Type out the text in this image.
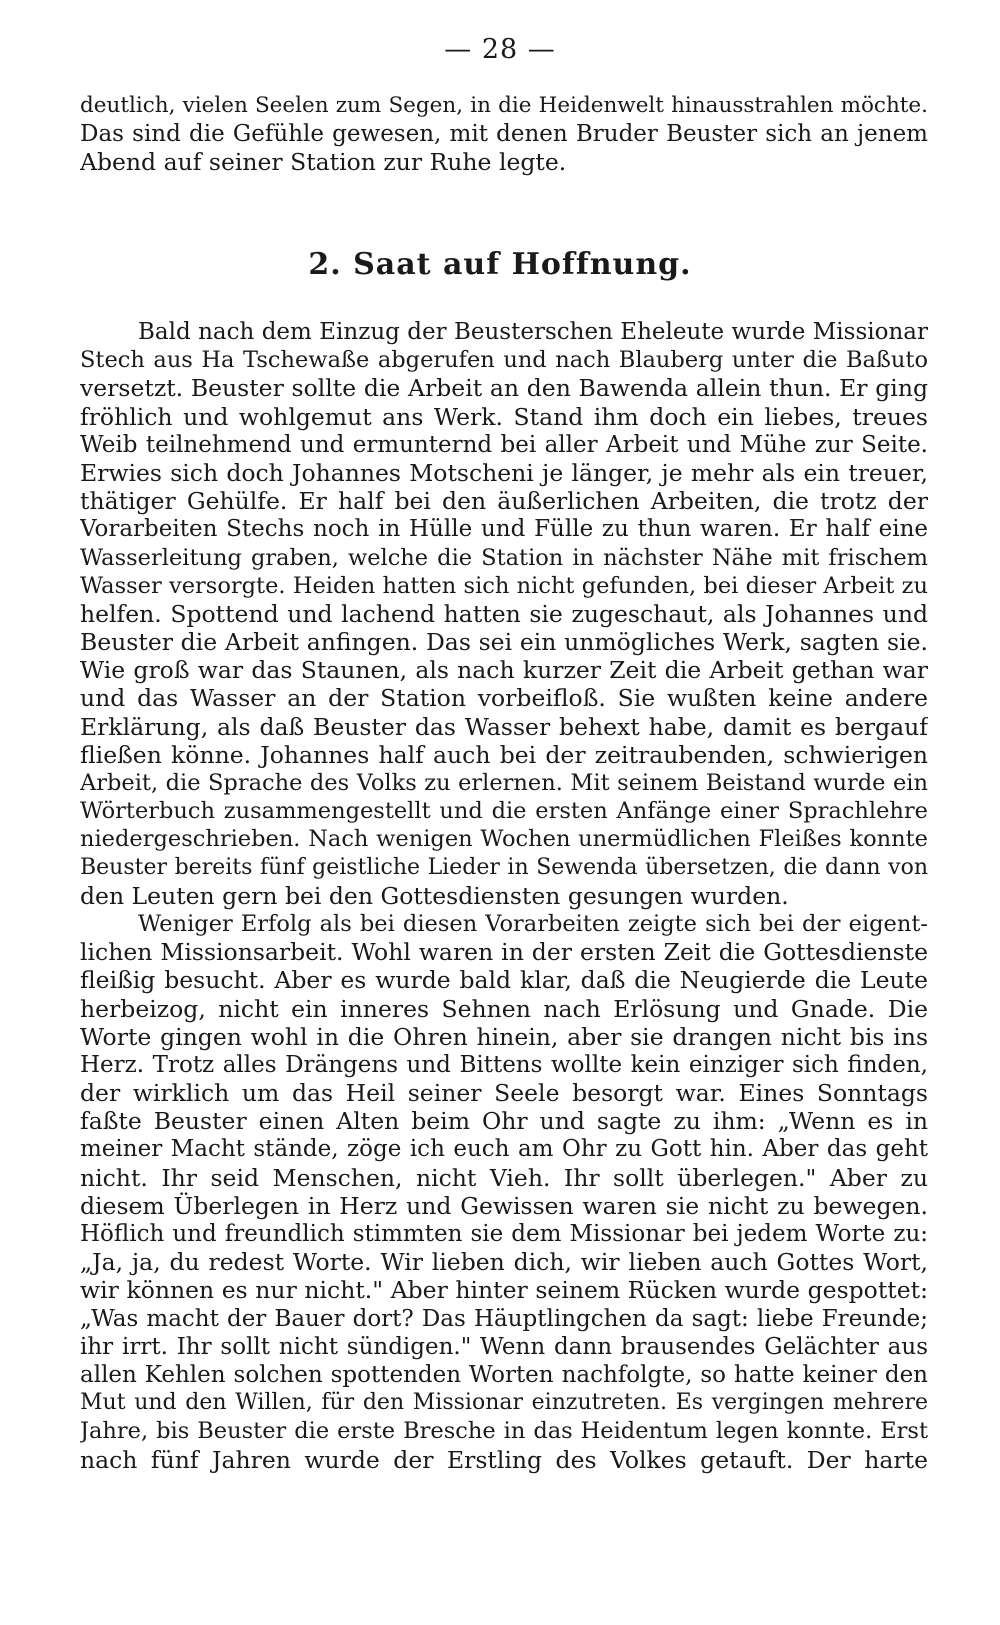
— 28 —
deutlich, vielen Seelen zum Segen, in die Heidenwelt hinausstrahlen möchte.
Das sind die Gefühle gewesen, mit denen Bruder Beuster sich an jenem
Abend auf seiner Station zur Ruhe legte.
2. Saat auf Hoffnung.
Bald nach dem Einzug der Beusterschen Eheleute wurde Missionar
Stech aus Ha Tschewaße abgerufen und nach Blauberg unter die Baßuto
versetzt. Beuster sollte die Arbeit an den Bawenda allein thun. Er ging
fröhlich und wohlgemut ans Werk. Stand ihm doch ein liebes, treues
Weib teilnehmend und ermunternd bei aller Arbeit und Mühe zur Seite.
Erwies sich doch Johannes Motscheni je länger, je mehr als ein treuer,
thätiger Gehülfe. Er half bei den äußerlichen Arbeiten, die trotz der
Vorarbeiten Stechs noch in Hülle und Fülle zu thun waren. Er half eine
Wasserleitung graben, welche die Station in nächster Nähe mit frischem
Wasser versorgte. Heiden hatten sich nicht gefunden, bei dieser Arbeit zu
helfen. Spottend und lachend hatten sie zugeschaut, als Johannes und
Beuster die Arbeit anfingen. Das sei ein unmögliches Werk, sagten sie.
Wie groß war das Staunen, als nach kurzer Zeit die Arbeit gethan war
und das Wasser an der Station vorbeifloß. Sie wußten keine andere
Erklärung, als daß Beuster das Wasser behext habe, damit es bergauf
fließen könne. Johannes half auch bei der zeitraubenden, schwierigen
Arbeit, die Sprache des Volks zu erlernen. Mit seinem Beistand wurde ein
Wörterbuch zusammengestellt und die ersten Anfänge einer Sprachlehre
niedergeschrieben. Nach wenigen Wochen unermüdlichen Fleißes konnte
Beuster bereits fünf geistliche Lieder in Sewenda übersetzen, die dann von
den Leuten gern bei den Gottesdiensten gesungen wurden.
Weniger Erfolg als bei diesen Vorarbeiten zeigte sich bei der eigent-
lichen Missionsarbeit. Wohl waren in der ersten Zeit die Gottesdienste
fleißig besucht. Aber es wurde bald klar, daß die Neugierde die Leute
herbeizog, nicht ein inneres Sehnen nach Erlösung und Gnade. Die
Worte gingen wohl in die Ohren hinein, aber sie drangen nicht bis ins
Herz. Trotz alles Drängens und Bittens wollte kein einziger sich finden,
der wirklich um das Heil seiner Seele besorgt war. Eines Sonntags
faßte Beuster einen Alten beim Ohr und sagte zu ihm: „Wenn es in
meiner Macht stände, zöge ich euch am Ohr zu Gott hin. Aber das geht
nicht. Ihr seid Menschen, nicht Vieh. Ihr sollt überlegen." Aber zu
diesem Überlegen in Herz und Gewissen waren sie nicht zu bewegen.
Höflich und freundlich stimmten sie dem Missionar bei jedem Worte zu:
„Ja, ja, du redest Worte. Wir lieben dich, wir lieben auch Gottes Wort,
wir können es nur nicht." Aber hinter seinem Rücken wurde gespottet:
„Was macht der Bauer dort? Das Häuptlingchen da sagt: liebe Freunde;
ihr irrt. Ihr sollt nicht sündigen." Wenn dann brausendes Gelächter aus
allen Kehlen solchen spottenden Worten nachfolgte, so hatte keiner den
Mut und den Willen, für den Missionar einzutreten. Es vergingen mehrere
Jahre, bis Beuster die erste Bresche in das Heidentum legen konnte. Erst
nach fünf Jahren wurde der Erstling des Volkes getauft. Der harte
